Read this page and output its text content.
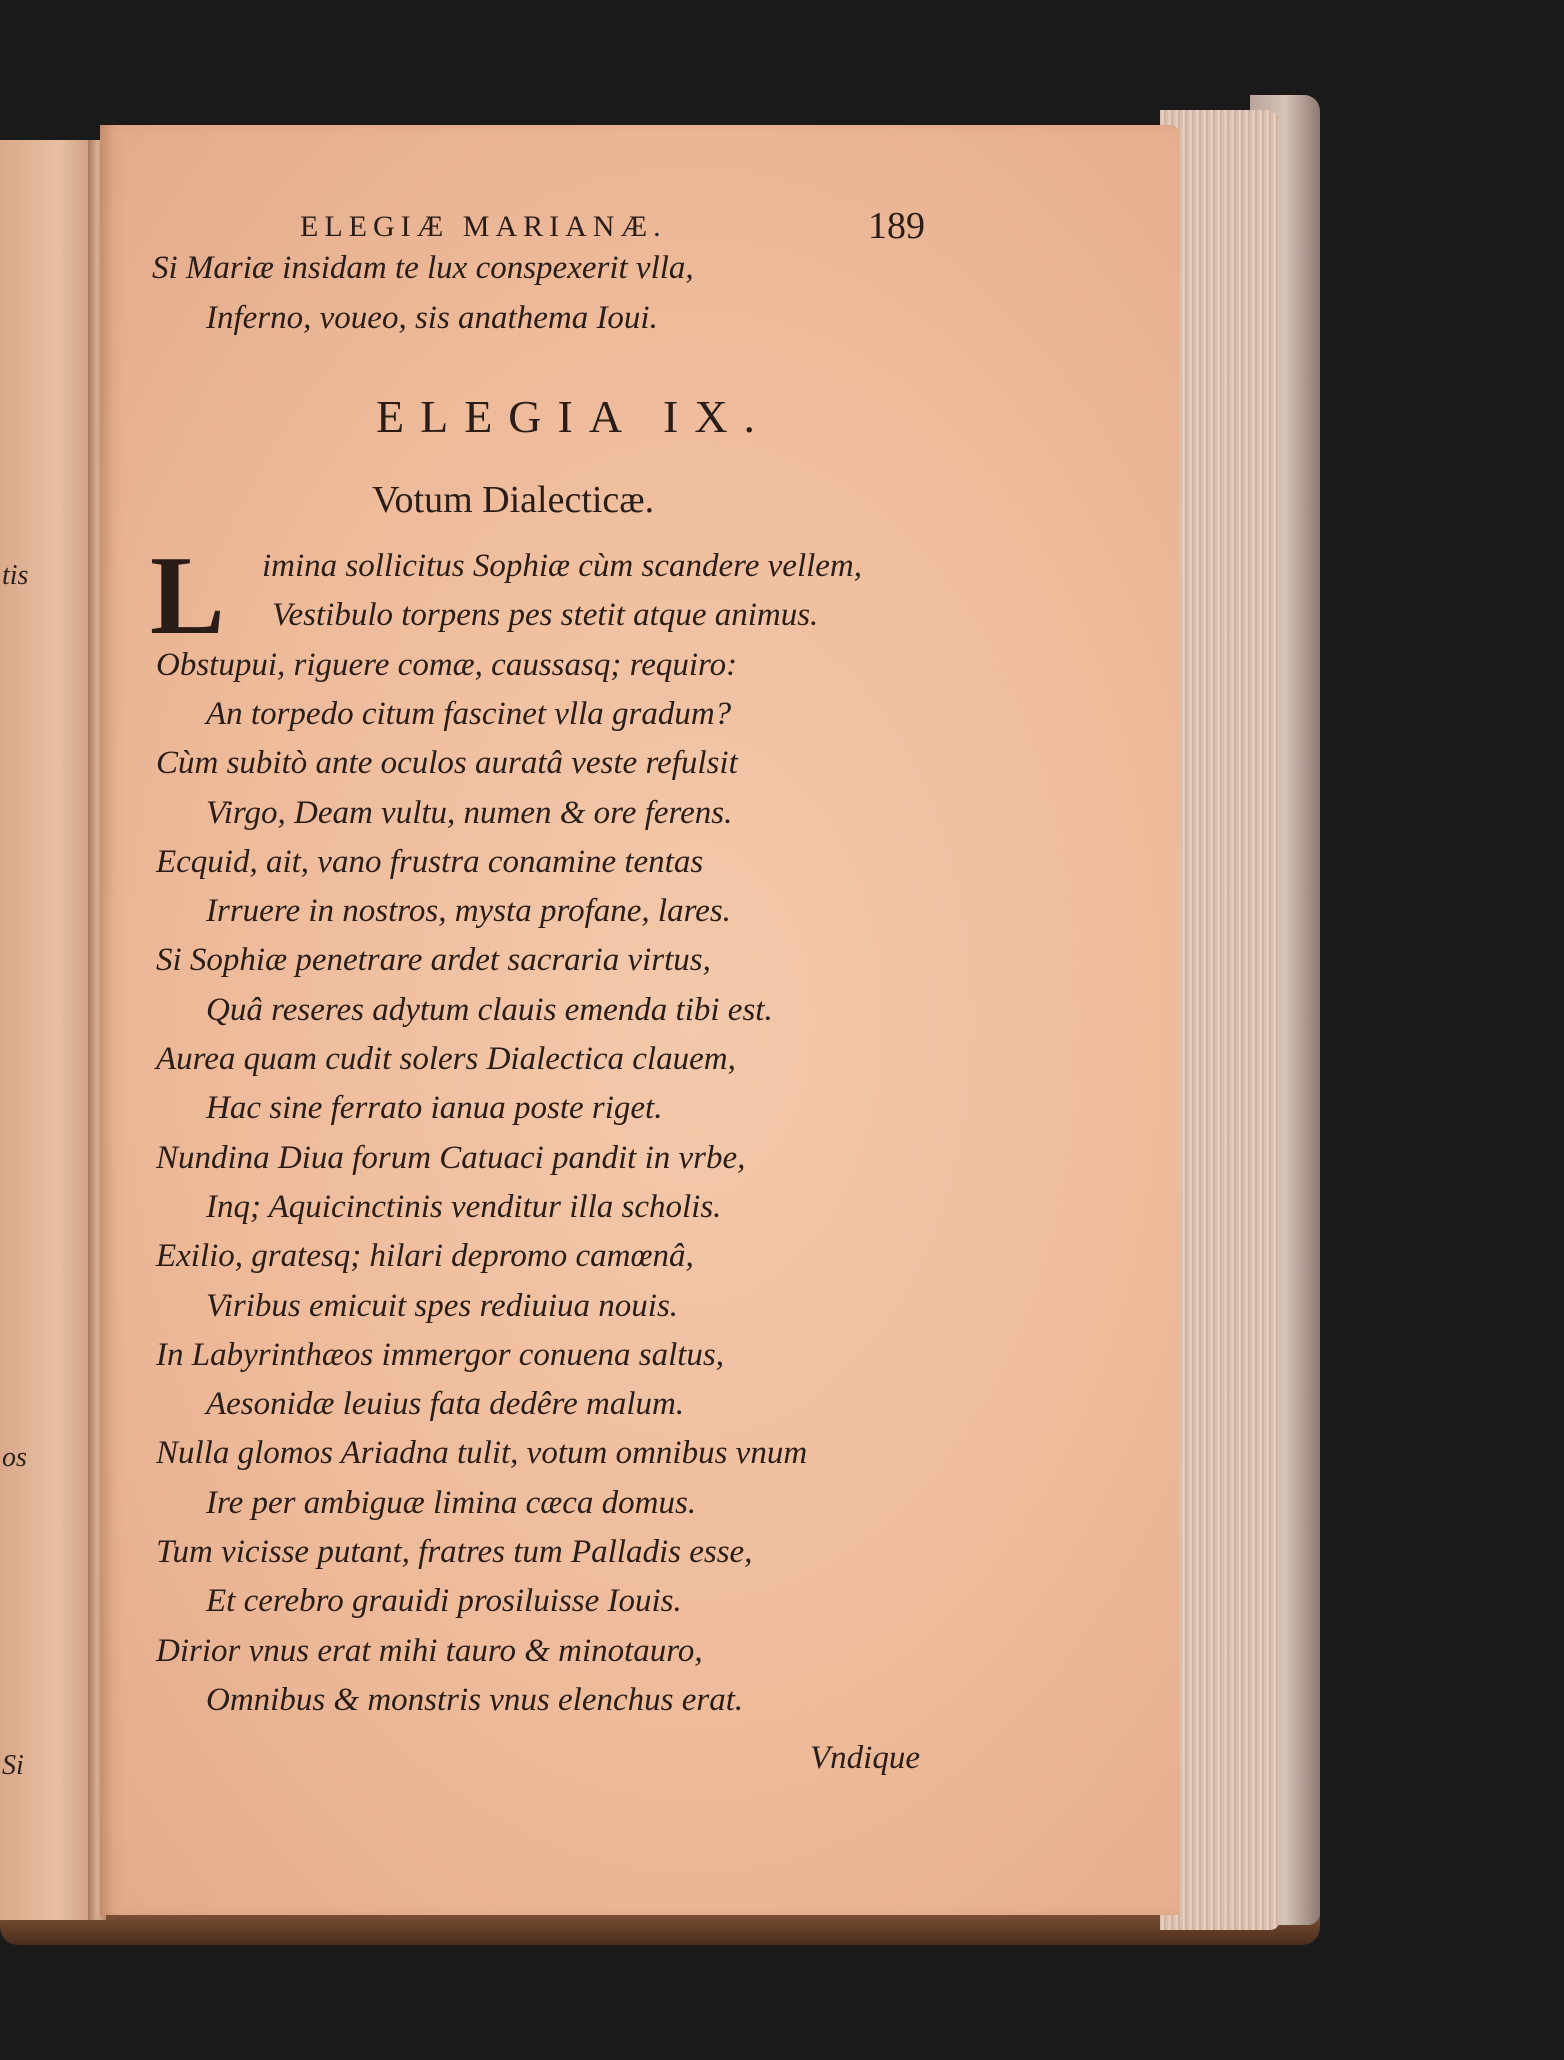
tis
os
Si
ELEGIÆ MARIANÆ.	189
Si Mariæ insidam te lux conspexerit vlla,
Inferno, voueo, sis anathema Ioui.
ELEGIA IX.
Votum Dialecticæ.
L imina sollicitus Sophiæ cùm scandere vellem,
Vestibulo torpens pes stetit atque animus.
Obstupui, riguere comæ, caussasq; requiro:
An torpedo citum fascinet vlla gradum?
Cùm subitò ante oculos auratâ veste refulsit
Virgo, Deam vultu, numen & ore ferens.
Ecquid, ait, vano frustra conamine tentas
Irruere in nostros, mysta profane, lares.
Si Sophiæ penetrare ardet sacraria virtus,
Quâ reseres adytum clauis emenda tibi est.
Aurea quam cudit solers Dialectica clauem,
Hac sine ferrato ianua poste riget.
Nundina Diua forum Catuaci pandit in vrbe,
Inq; Aquicinctinis venditur illa scholis.
Exilio, gratesq; hilari depromo camœnâ,
Viribus emicuit spes rediuiua nouis.
In Labyrinthæos immergor conuena saltus,
Aesonidæ leuius fata dedêre malum.
Nulla glomos Ariadna tulit, votum omnibus vnum
Ire per ambiguæ limina cæca domus.
Tum vicisse putant, fratres tum Palladis esse,
Et cerebro grauidi prosiluisse Iouis.
Dirior vnus erat mihi tauro & minotauro,
Omnibus & monstris vnus elenchus erat.
Vndique
